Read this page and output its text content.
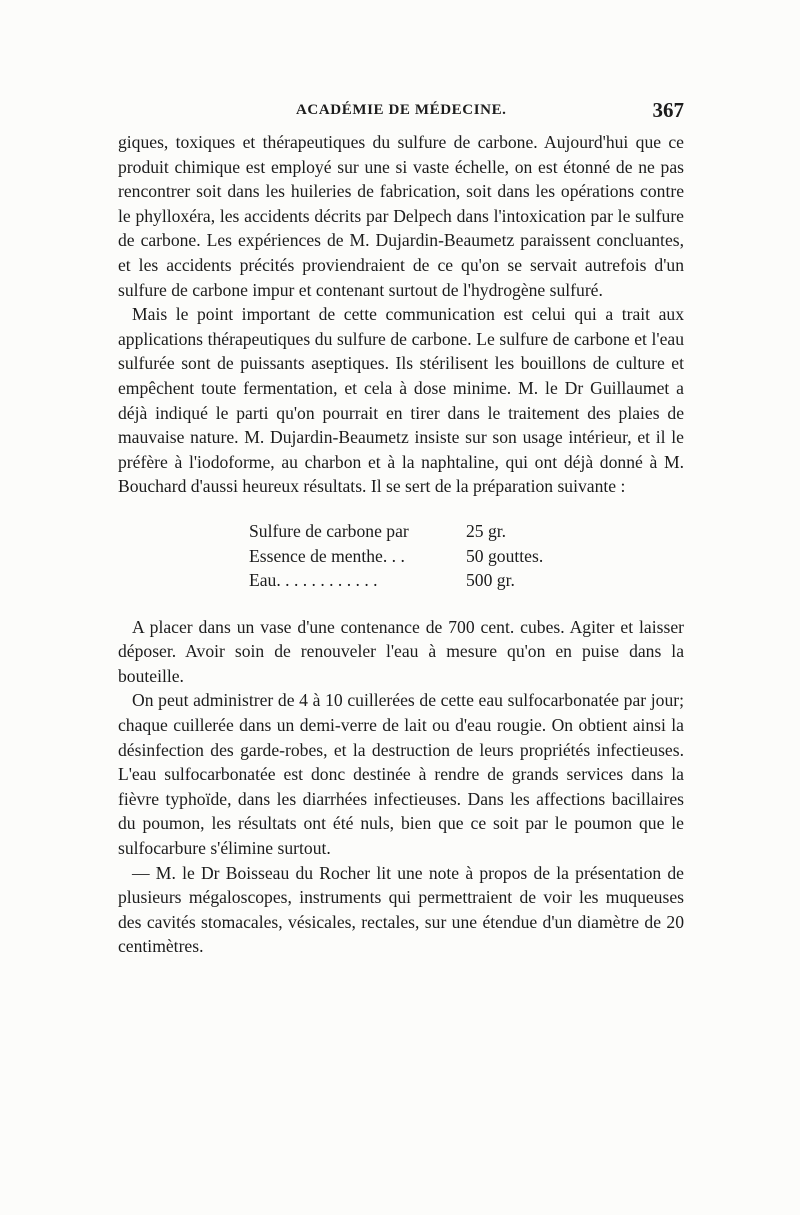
ACADÉMIE DE MÉDECINE.	367

giques, toxiques et thérapeutiques du sulfure de carbone. Aujourd'hui que ce produit chimique est employé sur une si vaste échelle, on est étonné de ne pas rencontrer soit dans les huileries de fabrication, soit dans les opérations contre le phylloxéra, les accidents décrits par Delpech dans l'intoxication par le sulfure de carbone. Les expériences de M. Dujardin-Beaumetz paraissent concluantes, et les accidents précités proviendraient de ce qu'on se servait autrefois d'un sulfure de carbone impur et contenant surtout de l'hydrogène sulfuré.

Mais le point important de cette communication est celui qui a trait aux applications thérapeutiques du sulfure de carbone. Le sulfure de carbone et l'eau sulfurée sont de puissants aseptiques. Ils stérilisent les bouillons de culture et empêchent toute fermentation, et cela à dose minime. M. le Dr Guillaumet a déjà indiqué le parti qu'on pourrait en tirer dans le traitement des plaies de mauvaise nature. M. Dujardin-Beaumetz insiste sur son usage intérieur, et il le préfère à l'iodoforme, au charbon et à la naphtaline, qui ont déjà donné à M. Bouchard d'aussi heureux résultats. Il se sert de la préparation suivante :

Sulfure de carbone par	25 gr.
Essence de menthe. . .	50 gouttes.
Eau. . . . . . . . . . . .	500 gr.

A placer dans un vase d'une contenance de 700 cent. cubes. Agiter et laisser déposer. Avoir soin de renouveler l'eau à mesure qu'on en puise dans la bouteille.

On peut administrer de 4 à 10 cuillerées de cette eau sulfocarbonatée par jour; chaque cuillerée dans un demi-verre de lait ou d'eau rougie. On obtient ainsi la désinfection des garde-robes, et la destruction de leurs propriétés infectieuses. L'eau sulfocarbonatée est donc destinée à rendre de grands services dans la fièvre typhoïde, dans les diarrhées infectieuses. Dans les affections bacillaires du poumon, les résultats ont été nuls, bien que ce soit par le poumon que le sulfocarbure s'élimine surtout.

— M. le Dr Boisseau du Rocher lit une note à propos de la présentation de plusieurs mégaloscopes, instruments qui permettraient de voir les muqueuses des cavités stomacales, vésicales, rectales, sur une étendue d'un diamètre de 20 centimètres.
